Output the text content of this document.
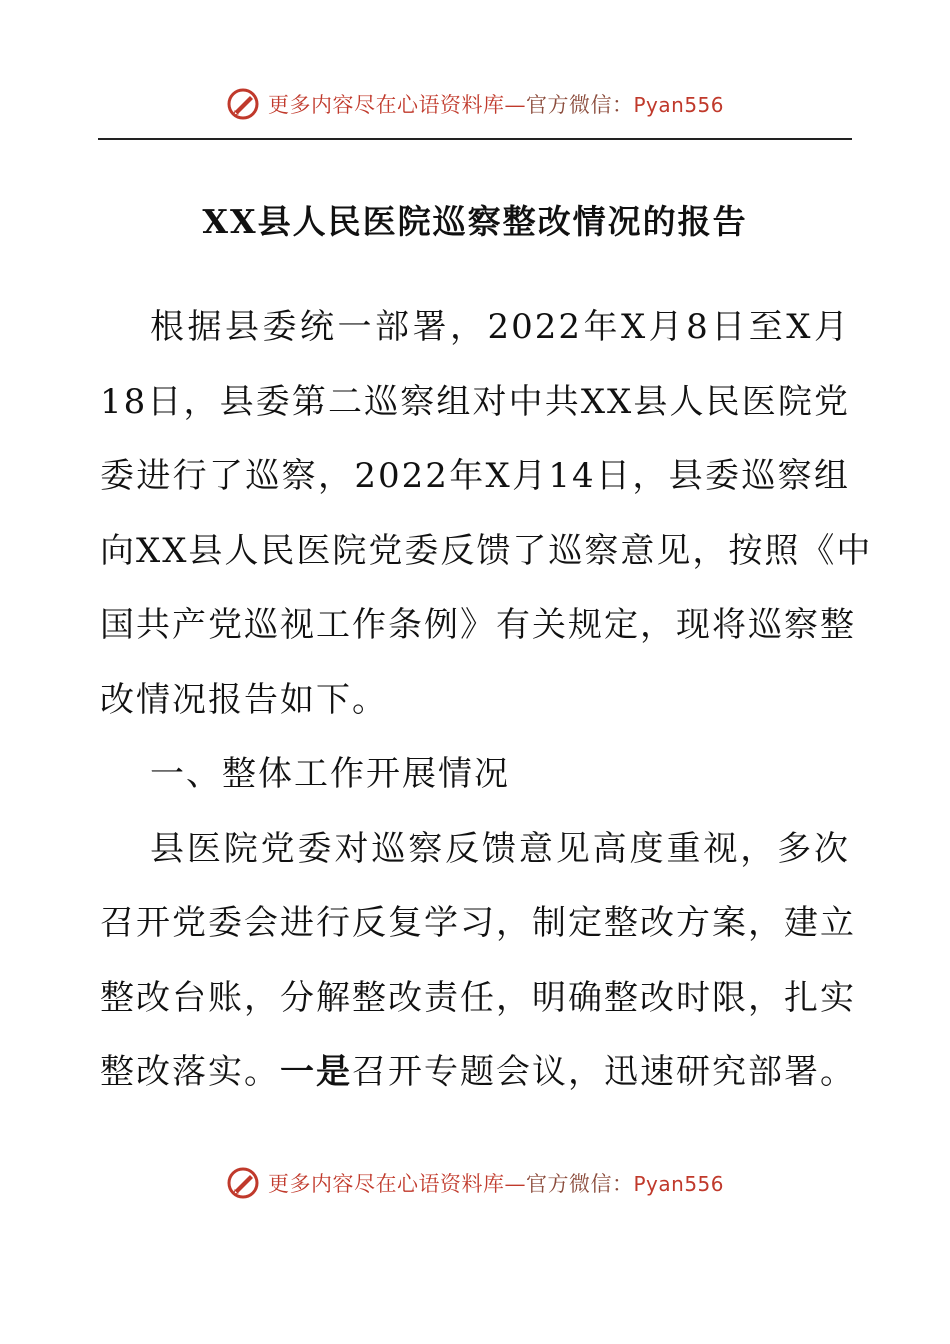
更多内容尽在心语资料库—官方微信：Pyan556
XX县人民医院巡察整改情况的报告
根据县委统一部署，2022年X月8日至X月
18日，县委第二巡察组对中共XX县人民医院党
委进行了巡察，2022年X月14日，县委巡察组
向XX县人民医院党委反馈了巡察意见，按照《中
国共产党巡视工作条例》有关规定，现将巡察整
改情况报告如下。
一、整体工作开展情况
县医院党委对巡察反馈意见高度重视，多次
召开党委会进行反复学习，制定整改方案，建立
整改台账，分解整改责任，明确整改时限，扎实
整改落实。一是召开专题会议，迅速研究部署。
更多内容尽在心语资料库—官方微信：Pyan556
